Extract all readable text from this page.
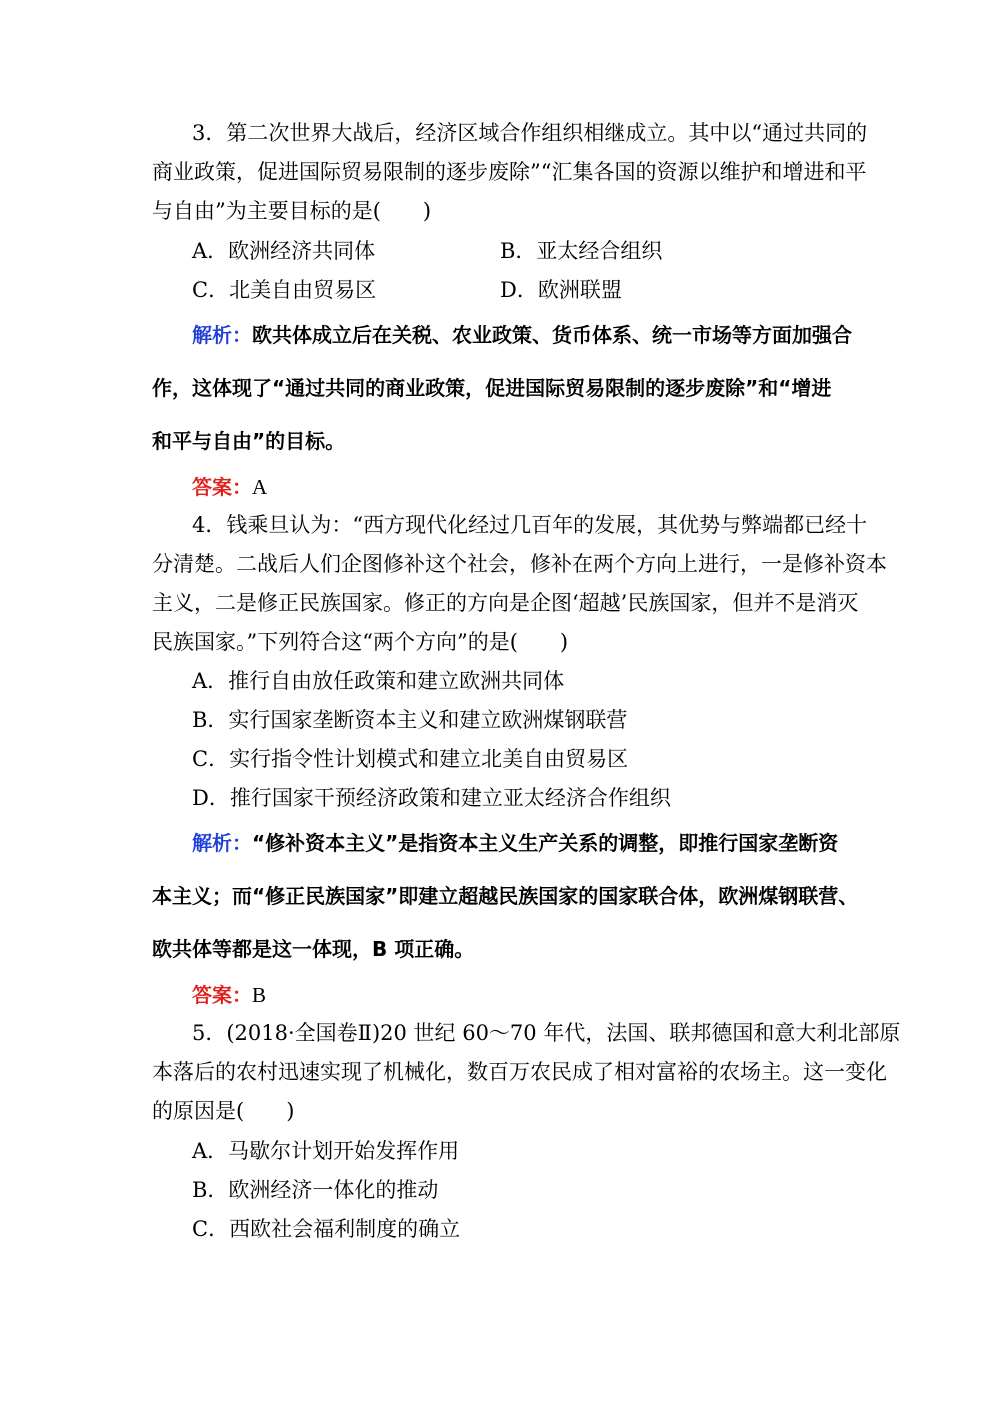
3．第二次世界大战后，经济区域合作组织相继成立。其中以“通过共同的
商业政策，促进国际贸易限制的逐步废除”“汇集各国的资源以维护和增进和平
与自由”为主要目标的是(　　)
A．欧洲经济共同体	B．亚太经合组织
C．北美自由贸易区	D．欧洲联盟
解析：欧共体成立后在关税、农业政策、货币体系、统一市场等方面加强合
作，这体现了“通过共同的商业政策，促进国际贸易限制的逐步废除”和“增进
和平与自由”的目标。
答案：A
4．钱乘旦认为：“西方现代化经过几百年的发展，其优势与弊端都已经十
分清楚。二战后人们企图修补这个社会，修补在两个方向上进行，一是修补资本
主义，二是修正民族国家。修正的方向是企图‘超越’民族国家，但并不是消灭
民族国家。”下列符合这“两个方向”的是(　　)
A．推行自由放任政策和建立欧洲共同体
B．实行国家垄断资本主义和建立欧洲煤钢联营
C．实行指令性计划模式和建立北美自由贸易区
D．推行国家干预经济政策和建立亚太经济合作组织
解析：“修补资本主义”是指资本主义生产关系的调整，即推行国家垄断资
本主义；而“修正民族国家”即建立超越民族国家的国家联合体，欧洲煤钢联营、
欧共体等都是这一体现，B 项正确。
答案：B
5．(2018·全国卷Ⅱ)20 世纪 60～70 年代，法国、联邦德国和意大利北部原
本落后的农村迅速实现了机械化，数百万农民成了相对富裕的农场主。这一变化
的原因是(　　)
A．马歇尔计划开始发挥作用
B．欧洲经济一体化的推动
C．西欧社会福利制度的确立
